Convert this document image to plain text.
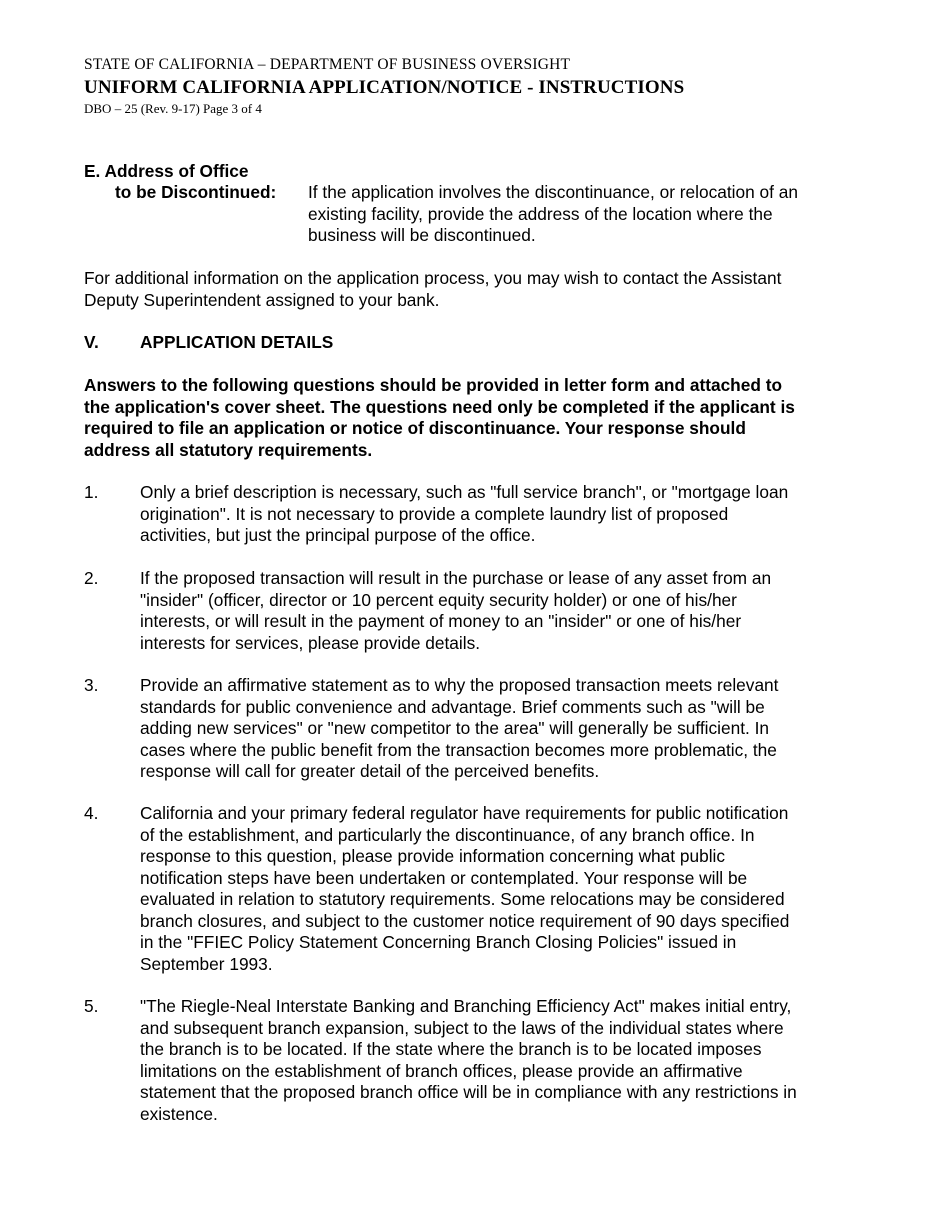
STATE OF CALIFORNIA – DEPARTMENT OF BUSINESS OVERSIGHT
UNIFORM CALIFORNIA APPLICATION/NOTICE - INSTRUCTIONS
DBO – 25 (Rev. 9-17) Page 3 of 4
E. Address of Office
to be Discontinued: If the application involves the discontinuance, or relocation of an
existing facility, provide the address of the location where the
business will be discontinued.
For additional information on the application process, you may wish to contact the Assistant
Deputy Superintendent assigned to your bank.
V. APPLICATION DETAILS
Answers to the following questions should be provided in letter form and attached to
the application's cover sheet. The questions need only be completed if the applicant is
required to file an application or notice of discontinuance. Your response should
address all statutory requirements.
1. Only a brief description is necessary, such as "full service branch", or "mortgage loan
origination". It is not necessary to provide a complete laundry list of proposed
activities, but just the principal purpose of the office.
2. If the proposed transaction will result in the purchase or lease of any asset from an
"insider" (officer, director or 10 percent equity security holder) or one of his/her
interests, or will result in the payment of money to an "insider" or one of his/her
interests for services, please provide details.
3. Provide an affirmative statement as to why the proposed transaction meets relevant
standards for public convenience and advantage. Brief comments such as "will be
adding new services" or "new competitor to the area" will generally be sufficient. In
cases where the public benefit from the transaction becomes more problematic, the
response will call for greater detail of the perceived benefits.
4. California and your primary federal regulator have requirements for public notification
of the establishment, and particularly the discontinuance, of any branch office. In
response to this question, please provide information concerning what public
notification steps have been undertaken or contemplated. Your response will be
evaluated in relation to statutory requirements. Some relocations may be considered
branch closures, and subject to the customer notice requirement of 90 days specified
in the "FFIEC Policy Statement Concerning Branch Closing Policies" issued in
September 1993.
5. "The Riegle-Neal Interstate Banking and Branching Efficiency Act" makes initial entry,
and subsequent branch expansion, subject to the laws of the individual states where
the branch is to be located. If the state where the branch is to be located imposes
limitations on the establishment of branch offices, please provide an affirmative
statement that the proposed branch office will be in compliance with any restrictions in
existence.
